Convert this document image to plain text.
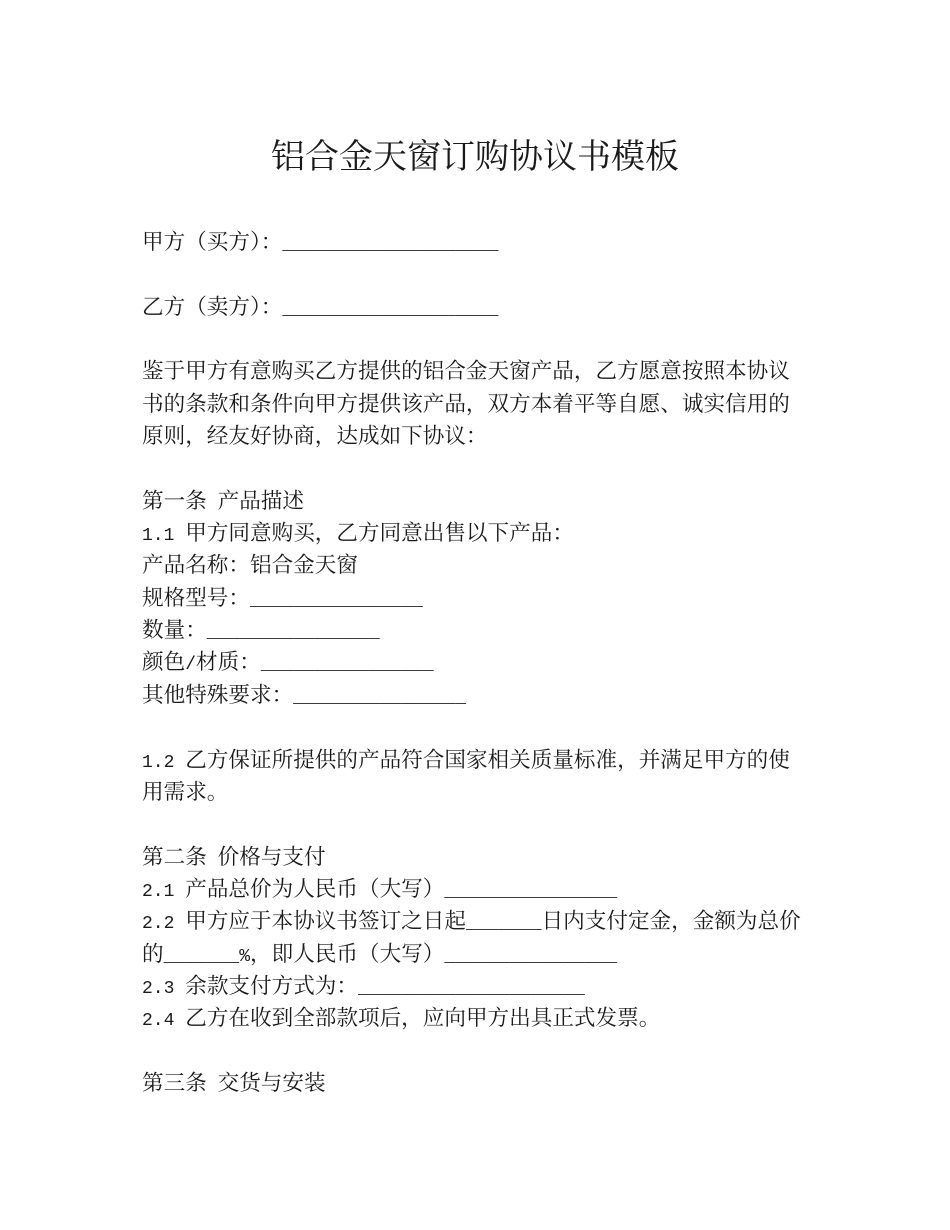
铝合金天窗订购协议书模板
甲方（买方）：____________________
乙方（卖方）：____________________
鉴于甲方有意购买乙方提供的铝合金天窗产品，乙方愿意按照本协议
书的条款和条件向甲方提供该产品，双方本着平等自愿、诚实信用的
原则，经友好协商，达成如下协议：
第一条 产品描述
1.1 甲方同意购买，乙方同意出售以下产品：
产品名称：铝合金天窗
规格型号：________________
数量：________________
颜色/材质：________________
其他特殊要求：________________
1.2 乙方保证所提供的产品符合国家相关质量标准，并满足甲方的使
用需求。
第二条 价格与支付
2.1 产品总价为人民币（大写）________________
2.2 甲方应于本协议书签订之日起_______日内支付定金，金额为总价
的_______%，即人民币（大写）________________
2.3 余款支付方式为：_____________________
2.4 乙方在收到全部款项后，应向甲方出具正式发票。
第三条 交货与安装
